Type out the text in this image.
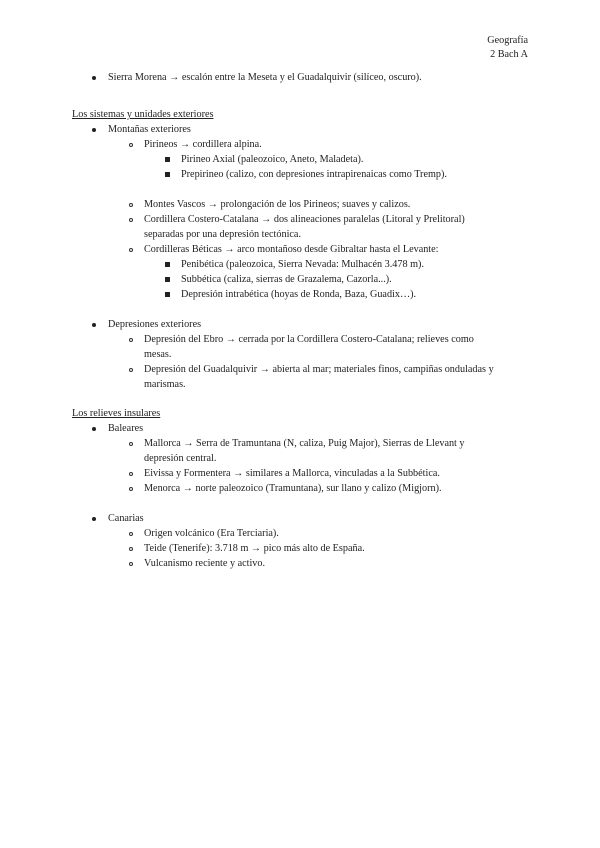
Geografía
2 Bach A
Sierra Morena → escalón entre la Meseta y el Guadalquivir (silíceo, oscuro).
Los sistemas y unidades exteriores
Montañas exteriores
Pirineos → cordillera alpina.
Pirineo Axial (paleozoico, Aneto, Maladeta).
Prepirineo (calizo, con depresiones intrapirenaicas como Tremp).
Montes Vascos → prolongación de los Pirineos; suaves y calizos.
Cordillera Costero-Catalana → dos alineaciones paralelas (Litoral y Prelitoral)
separadas por una depresión tectónica.
Cordilleras Béticas → arco montañoso desde Gibraltar hasta el Levante:
Penibética (paleozoica, Sierra Nevada: Mulhacén 3.478 m).
Subbética (caliza, sierras de Grazalema, Cazorla...).
Depresión intrabética (hoyas de Ronda, Baza, Guadix…).
Depresiones exteriores
Depresión del Ebro → cerrada por la Cordillera Costero-Catalana; relieves como
mesas.
Depresión del Guadalquivir → abierta al mar; materiales finos, campiñas onduladas y
marismas.
Los relieves insulares
Baleares
Mallorca → Serra de Tramuntana (N, caliza, Puig Major), Sierras de Llevant y
depresión central.
Eivissa y Formentera → similares a Mallorca, vinculadas a la Subbética.
Menorca → norte paleozoico (Tramuntana), sur llano y calizo (Migjorn).
Canarias
Origen volcánico (Era Terciaria).
Teide (Tenerife): 3.718 m → pico más alto de España.
Vulcanismo reciente y activo.
